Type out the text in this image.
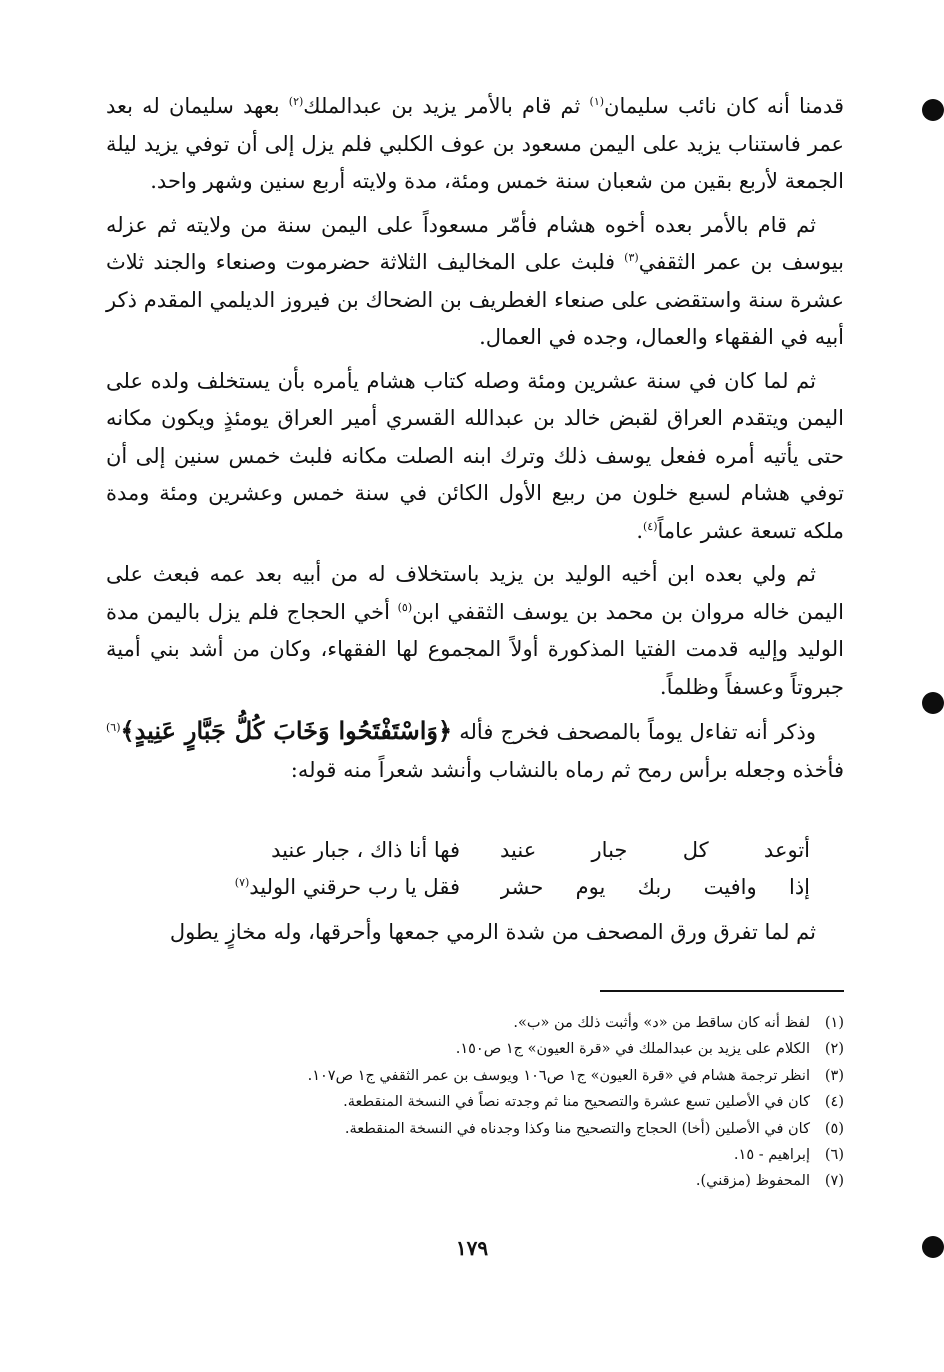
قدمنا أنه كان نائب سليمان$^{(١)}$ ثم قام بالأمر يزيد بن عبدالملك$^{(٢)}$ بعهد سليمان له بعد عمر فاستناب يزيد على اليمن مسعود بن عوف الكلبي فلم يزل إلى أن توفي يزيد ليلة الجمعة لأربع بقين من شعبان سنة خمس ومئة، مدة ولايته أربع سنين وشهر واحد.

ثم قام بالأمر بعده أخوه هشام فأمّر مسعوداً على اليمن سنة من ولايته ثم عزله بيوسف بن عمر الثقفي$^{(٣)}$ فلبث على المخاليف الثلاثة حضرموت وصنعاء والجند ثلاث عشرة سنة واستقضى على صنعاء الغطريف بن الضحاك بن فيروز الديلمي المقدم ذكر أبيه في الفقهاء والعمال، وجده في العمال.

ثم لما كان في سنة عشرين ومئة وصله كتاب هشام يأمره بأن يستخلف ولده على اليمن ويتقدم العراق لقبض خالد بن عبدالله القسري أمير العراق يومئذٍ ويكون مكانه حتى يأتيه أمره ففعل يوسف ذلك وترك ابنه الصلت مكانه فلبث خمس سنين إلى أن توفي هشام لسبع خلون من ربيع الأول الكائن في سنة خمس وعشرين ومئة ومدة ملكه تسعة عشر عاماً$^{(٤)}$.

ثم ولي بعده ابن أخيه الوليد بن يزيد باستخلاف له من أبيه بعد عمه فبعث على اليمن خاله مروان بن محمد بن يوسف الثقفي ابن$^{(٥)}$ أخي الحجاج فلم يزل باليمن مدة الوليد وإليه قدمت الفتيا المذكورة أولاً المجموع لها الفقهاء، وكان من أشد بني أمية جبروتاً وعسفاً وظلماً.

وذكر أنه تفاءل يوماً بالمصحف فخرج فأله ﴿وَاسْتَفْتَحُوا وَخَابَ كُلُّ جَبَّارٍ عَنِيدٍ﴾$^{(٦)}$ فأخذه وجعله برأس رمح ثم رماه بالنشاب وأنشد شعراً منه قوله:

أتوعد كل جبار عنيد
فها أنا ذاك ، جبار عنيد
إذا وافيت ربك يوم حشر
فقل يا رب حرقني الوليد$^{(٧)}$

ثم لما تفرق ورق المصحف من شدة الرمي جمعها وأحرقها، وله مخازٍ يطول

(١)
لفظ أنه كان ساقط من «د» وأثبت ذلك من «ب».
(٢)
الكلام على يزيد بن عبدالملك في «قرة العيون» ج١ ص١٥٠.
(٣)
انظر ترجمة هشام في «قرة العيون» ج١ ص١٠٦ ويوسف بن عمر الثقفي ج١ ص١٠٧.
(٤)
كان في الأصلين تسع عشرة والتصحيح منا ثم وجدته نصاً في النسخة المنقطعة.
(٥)
كان في الأصلين (أخا) الحجاج والتصحيح منا وكذا وجدناه في النسخة المنقطعة.
(٦)
إبراهيم - ١٥.
(٧)
المحفوظ (مزقني).
١٧٩
